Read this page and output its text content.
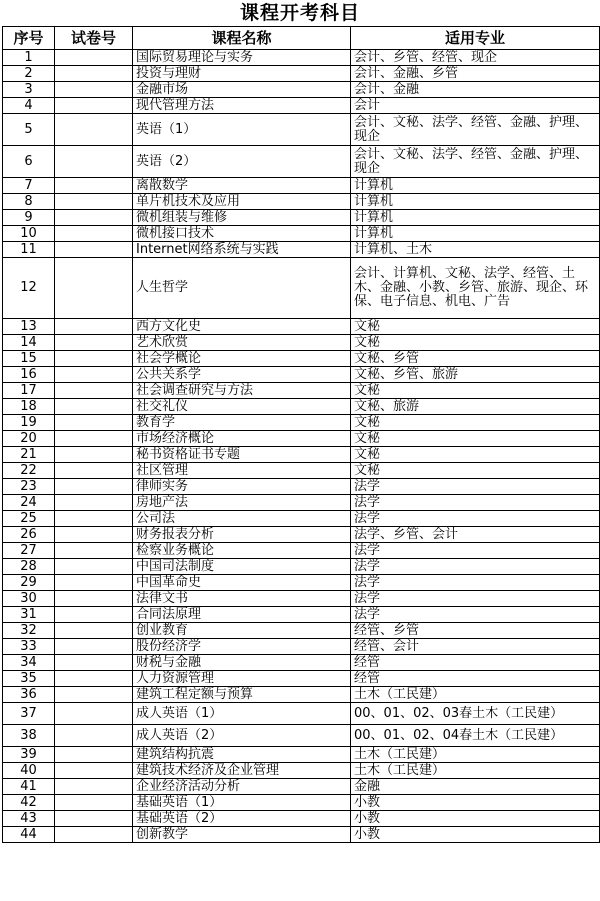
课程开考科目
序号	试卷号	课程名称	适用专业
1		国际贸易理论与实务	会计、乡管、经管、现企
2		投资与理财	会计、金融、乡管
3		金融市场	会计、金融
4		现代管理方法	会计
5		英语（1）	会计、文秘、法学、经管、金融、护理、现企
6		英语（2）	会计、文秘、法学、经管、金融、护理、现企
7		离散数学	计算机
8		单片机技术及应用	计算机
9		微机组装与维修	计算机
10		微机接口技术	计算机
11		Internet网络系统与实践	计算机、土木
12		人生哲学	会计、计算机、文秘、法学、经管、土木、金融、小教、乡管、旅游、现企、环保、电子信息、机电、广告
13		西方文化史	文秘
14		艺术欣赏	文秘
15		社会学概论	文秘、乡管
16		公共关系学	文秘、乡管、旅游
17		社会调查研究与方法	文秘
18		社交礼仪	文秘、旅游
19		教育学	文秘
20		市场经济概论	文秘
21		秘书资格证书专题	文秘
22		社区管理	文秘
23		律师实务	法学
24		房地产法	法学
25		公司法	法学
26		财务报表分析	法学、乡管、会计
27		检察业务概论	法学
28		中国司法制度	法学
29		中国革命史	法学
30		法律文书	法学
31		合同法原理	法学
32		创业教育	经管、乡管
33		股份经济学	经管、会计
34		财税与金融	经管
35		人力资源管理	经管
36		建筑工程定额与预算	土木（工民建）
37		成人英语（1）	00、01、02、03春土木（工民建）
38		成人英语（2）	00、01、02、04春土木（工民建）
39		建筑结构抗震	土木（工民建）
40		建筑技术经济及企业管理	土木（工民建）
41		企业经济活动分析	金融
42		基础英语（1）	小教
43		基础英语（2）	小教
44		创新教学	小教
